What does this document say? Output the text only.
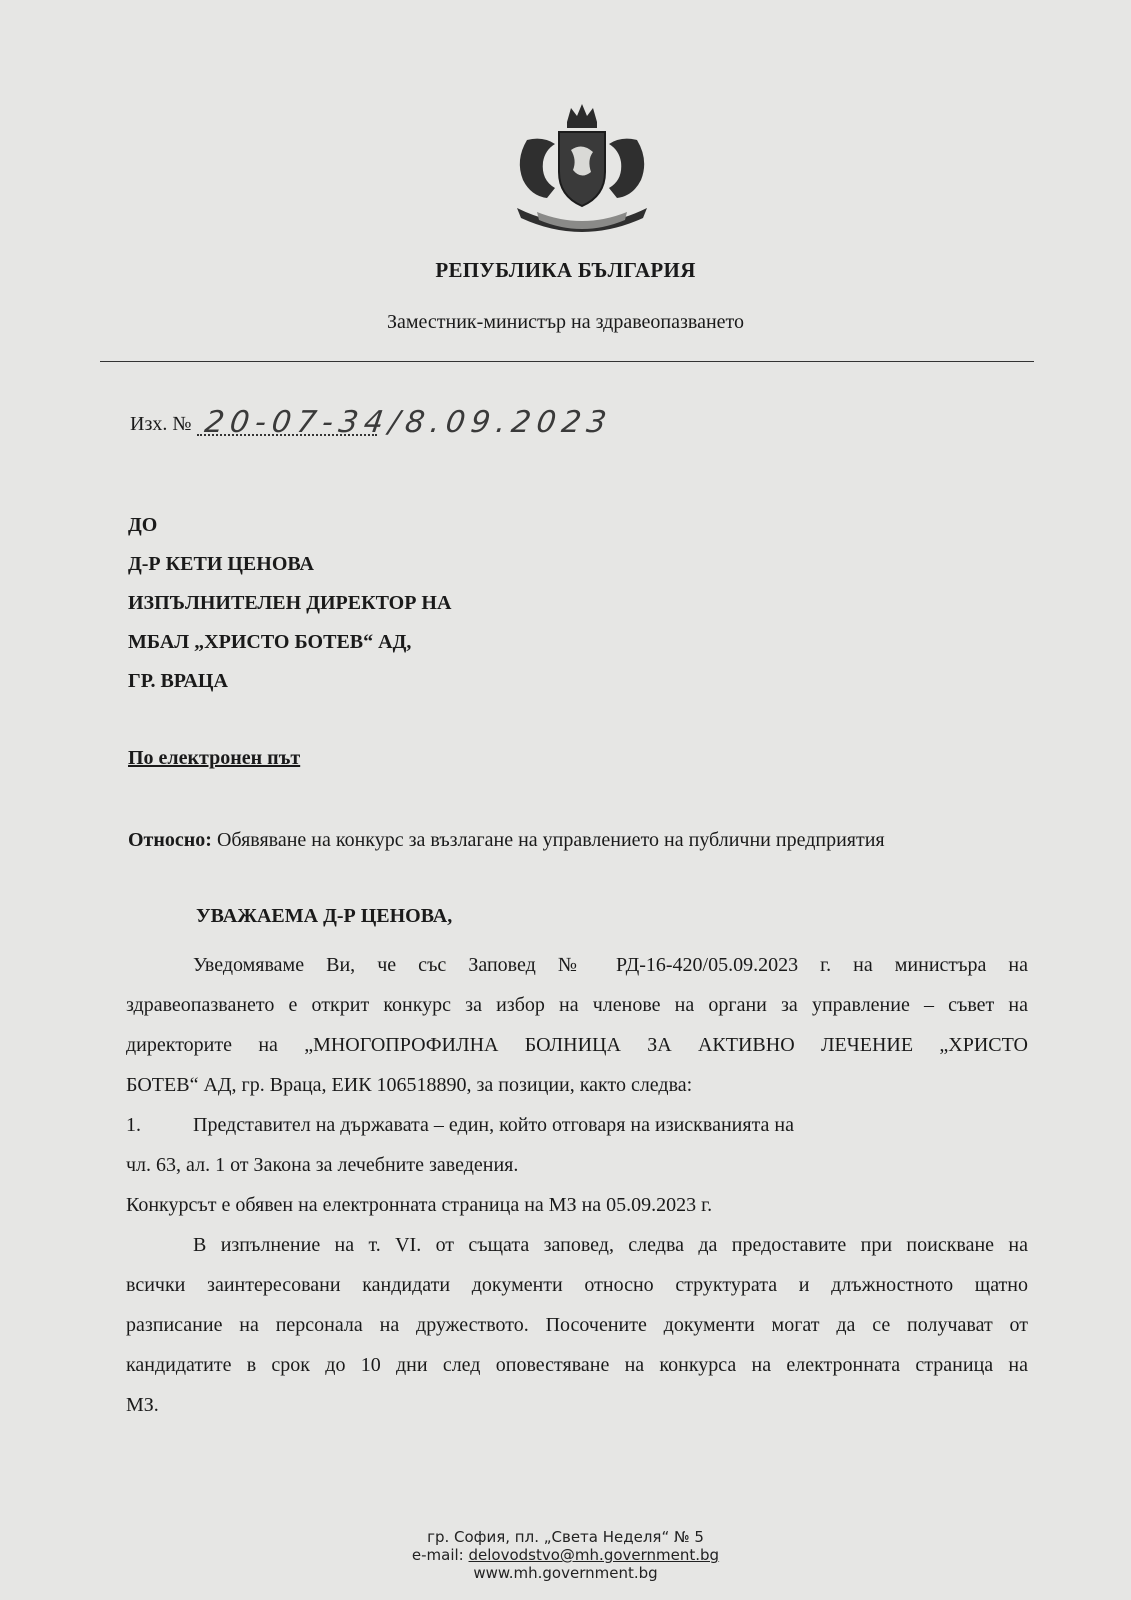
РЕПУБЛИКА БЪЛГАРИЯ
Заместник-министър на здравеопазването
Изх. № 20-07-34/8.09.2023
ДО
Д-Р КЕТИ ЦЕНОВА
ИЗПЪЛНИТЕЛЕН ДИРЕКТОР НА
МБАЛ „ХРИСТО БОТЕВ“ АД,
ГР. ВРАЦА
По електронен път
Относно: Обявяване на конкурс за възлагане на управлението на публични предприятия
УВАЖАЕМА Д-Р ЦЕНОВА,
Уведомяваме Ви, че със Заповед № РД-16-420/05.09.2023 г. на министъра на
здравеопазването е открит конкурс за избор на членове на органи за управление – съвет на
директорите на „МНОГОПРОФИЛНА БОЛНИЦА ЗА АКТИВНО ЛЕЧЕНИЕ „ХРИСТО
БОТЕВ“ АД, гр. Враца, ЕИК 106518890, за позиции, както следва:
1.	Представител на държавата – един, който отговаря на изискванията на
чл. 63, ал. 1 от Закона за лечебните заведения.
Конкурсът е обявен на електронната страница на МЗ на 05.09.2023 г.
В изпълнение на т. VI. от същата заповед, следва да предоставите при поискване на
всички заинтересовани кандидати документи относно структурата и длъжностното щатно
разписание на персонала на дружеството. Посочените документи могат да се получават от
кандидатите в срок до 10 дни след оповестяване на конкурса на електронната страница на
МЗ.
гр. София, пл. „Света Неделя“ № 5
e-mail: delovodstvo@mh.government.bg
www.mh.government.bg
